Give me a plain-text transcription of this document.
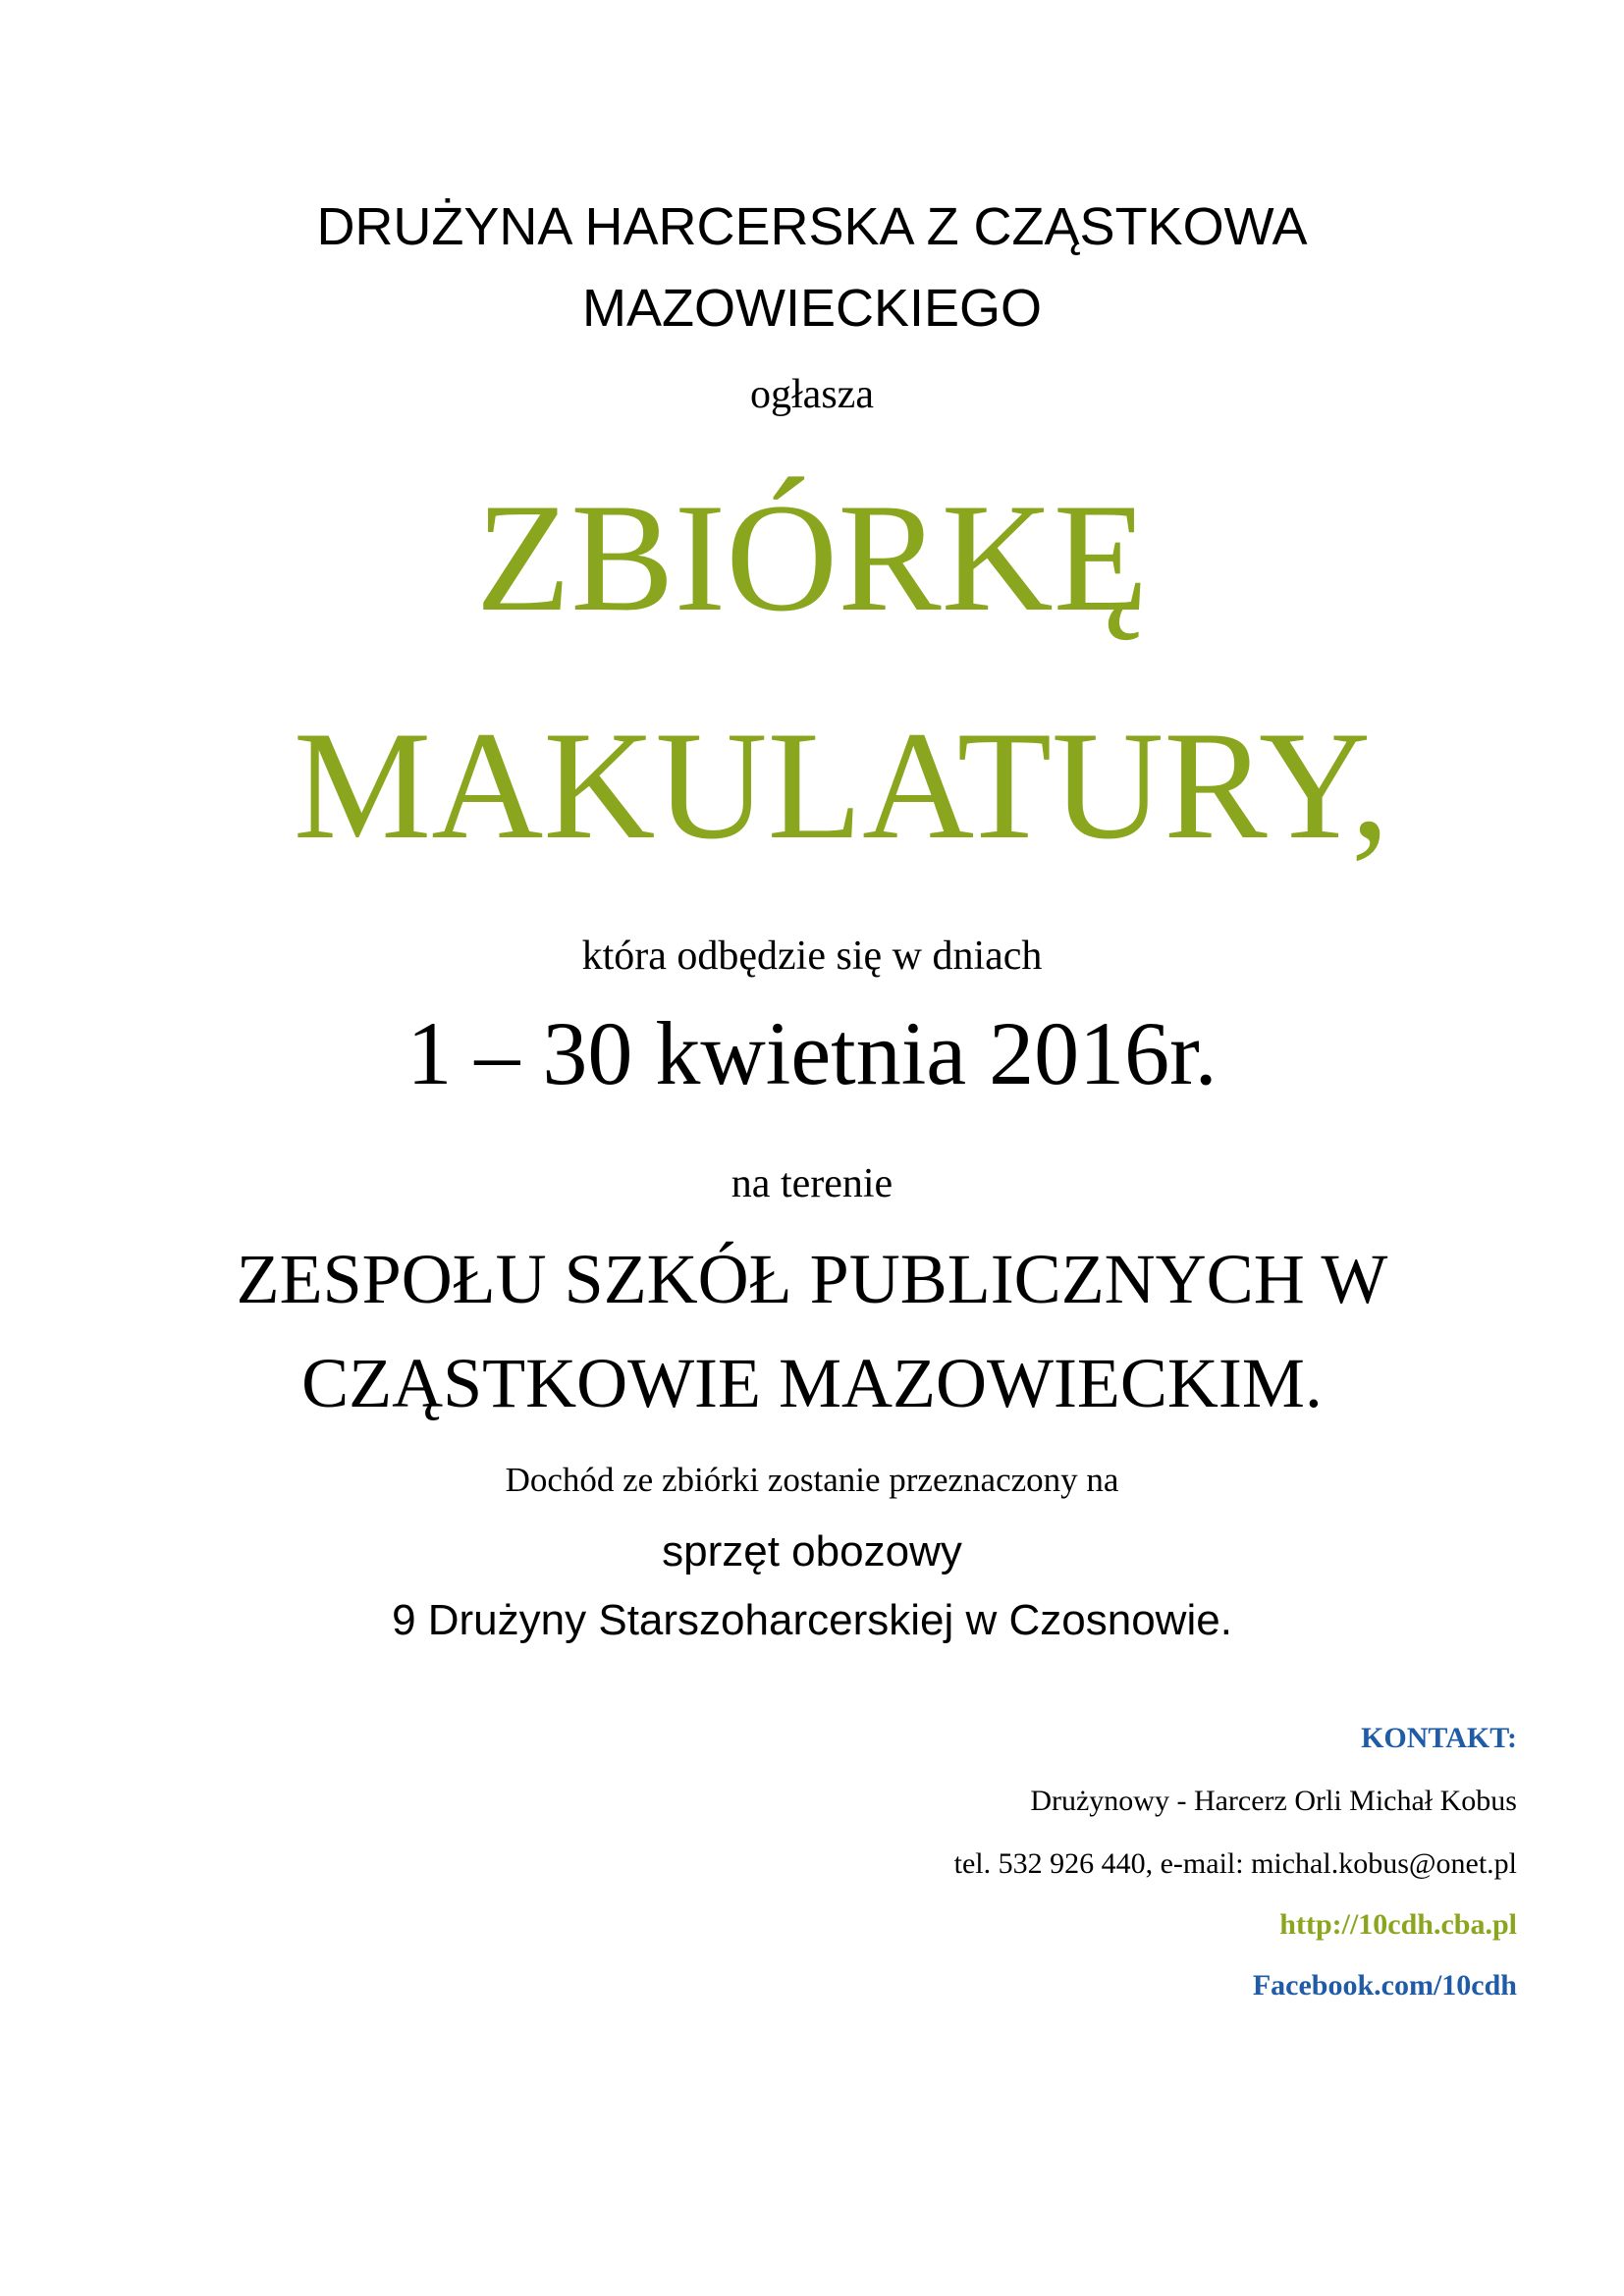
DRUŻYNA HARCERSKA Z CZĄSTKOWA
MAZOWIECKIEGO
ogłasza
ZBIÓRKĘ
MAKULATURY,
która odbędzie się w dniach
1 – 30 kwietnia 2016r.
na terenie
ZESPOŁU SZKÓŁ PUBLICZNYCH W
CZĄSTKOWIE MAZOWIECKIM.
Dochód ze zbiórki zostanie przeznaczony na
sprzęt obozowy
9 Drużyny Starszoharcerskiej w Czosnowie.
KONTAKT:
Drużynowy - Harcerz Orli Michał Kobus
tel. 532 926 440, e-mail: michal.kobus@onet.pl
http://10cdh.cba.pl
Facebook.com/10cdh
